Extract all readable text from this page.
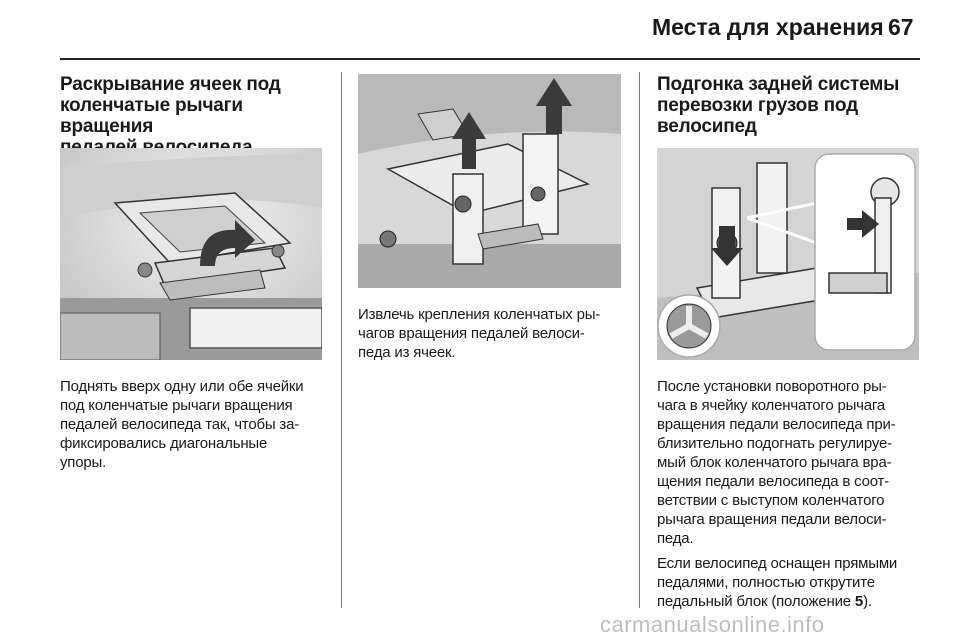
Места для хранения 67
Раскрывание ячеек под
коленчатые рычаги вращения

Поднять вверх одну или обе ячейки
под коленчатые рычаги вращения
педалей велосипеда так, чтобы за-
фиксировались диагональные
упоры.

Извлечь крепления коленчатых ры-
чагов вращения педалей велоси-
педа из ячеек.

Подгонка задней системы
перевозки грузов под
велосипед

После установки поворотного ры-
чага в ячейку коленчатого рычага
вращения педали велосипеда при-
близительно подогнать регулируе-
мый блок коленчатого рычага вра-
щения педали велосипеда в соот-
ветствии с выступом коленчатого
рычага вращения педали велоси-
педа.

Если велосипед оснащен прямыми
педалями, полностью открутите
педальный блок (положение 5).

carmanualsonline.info
